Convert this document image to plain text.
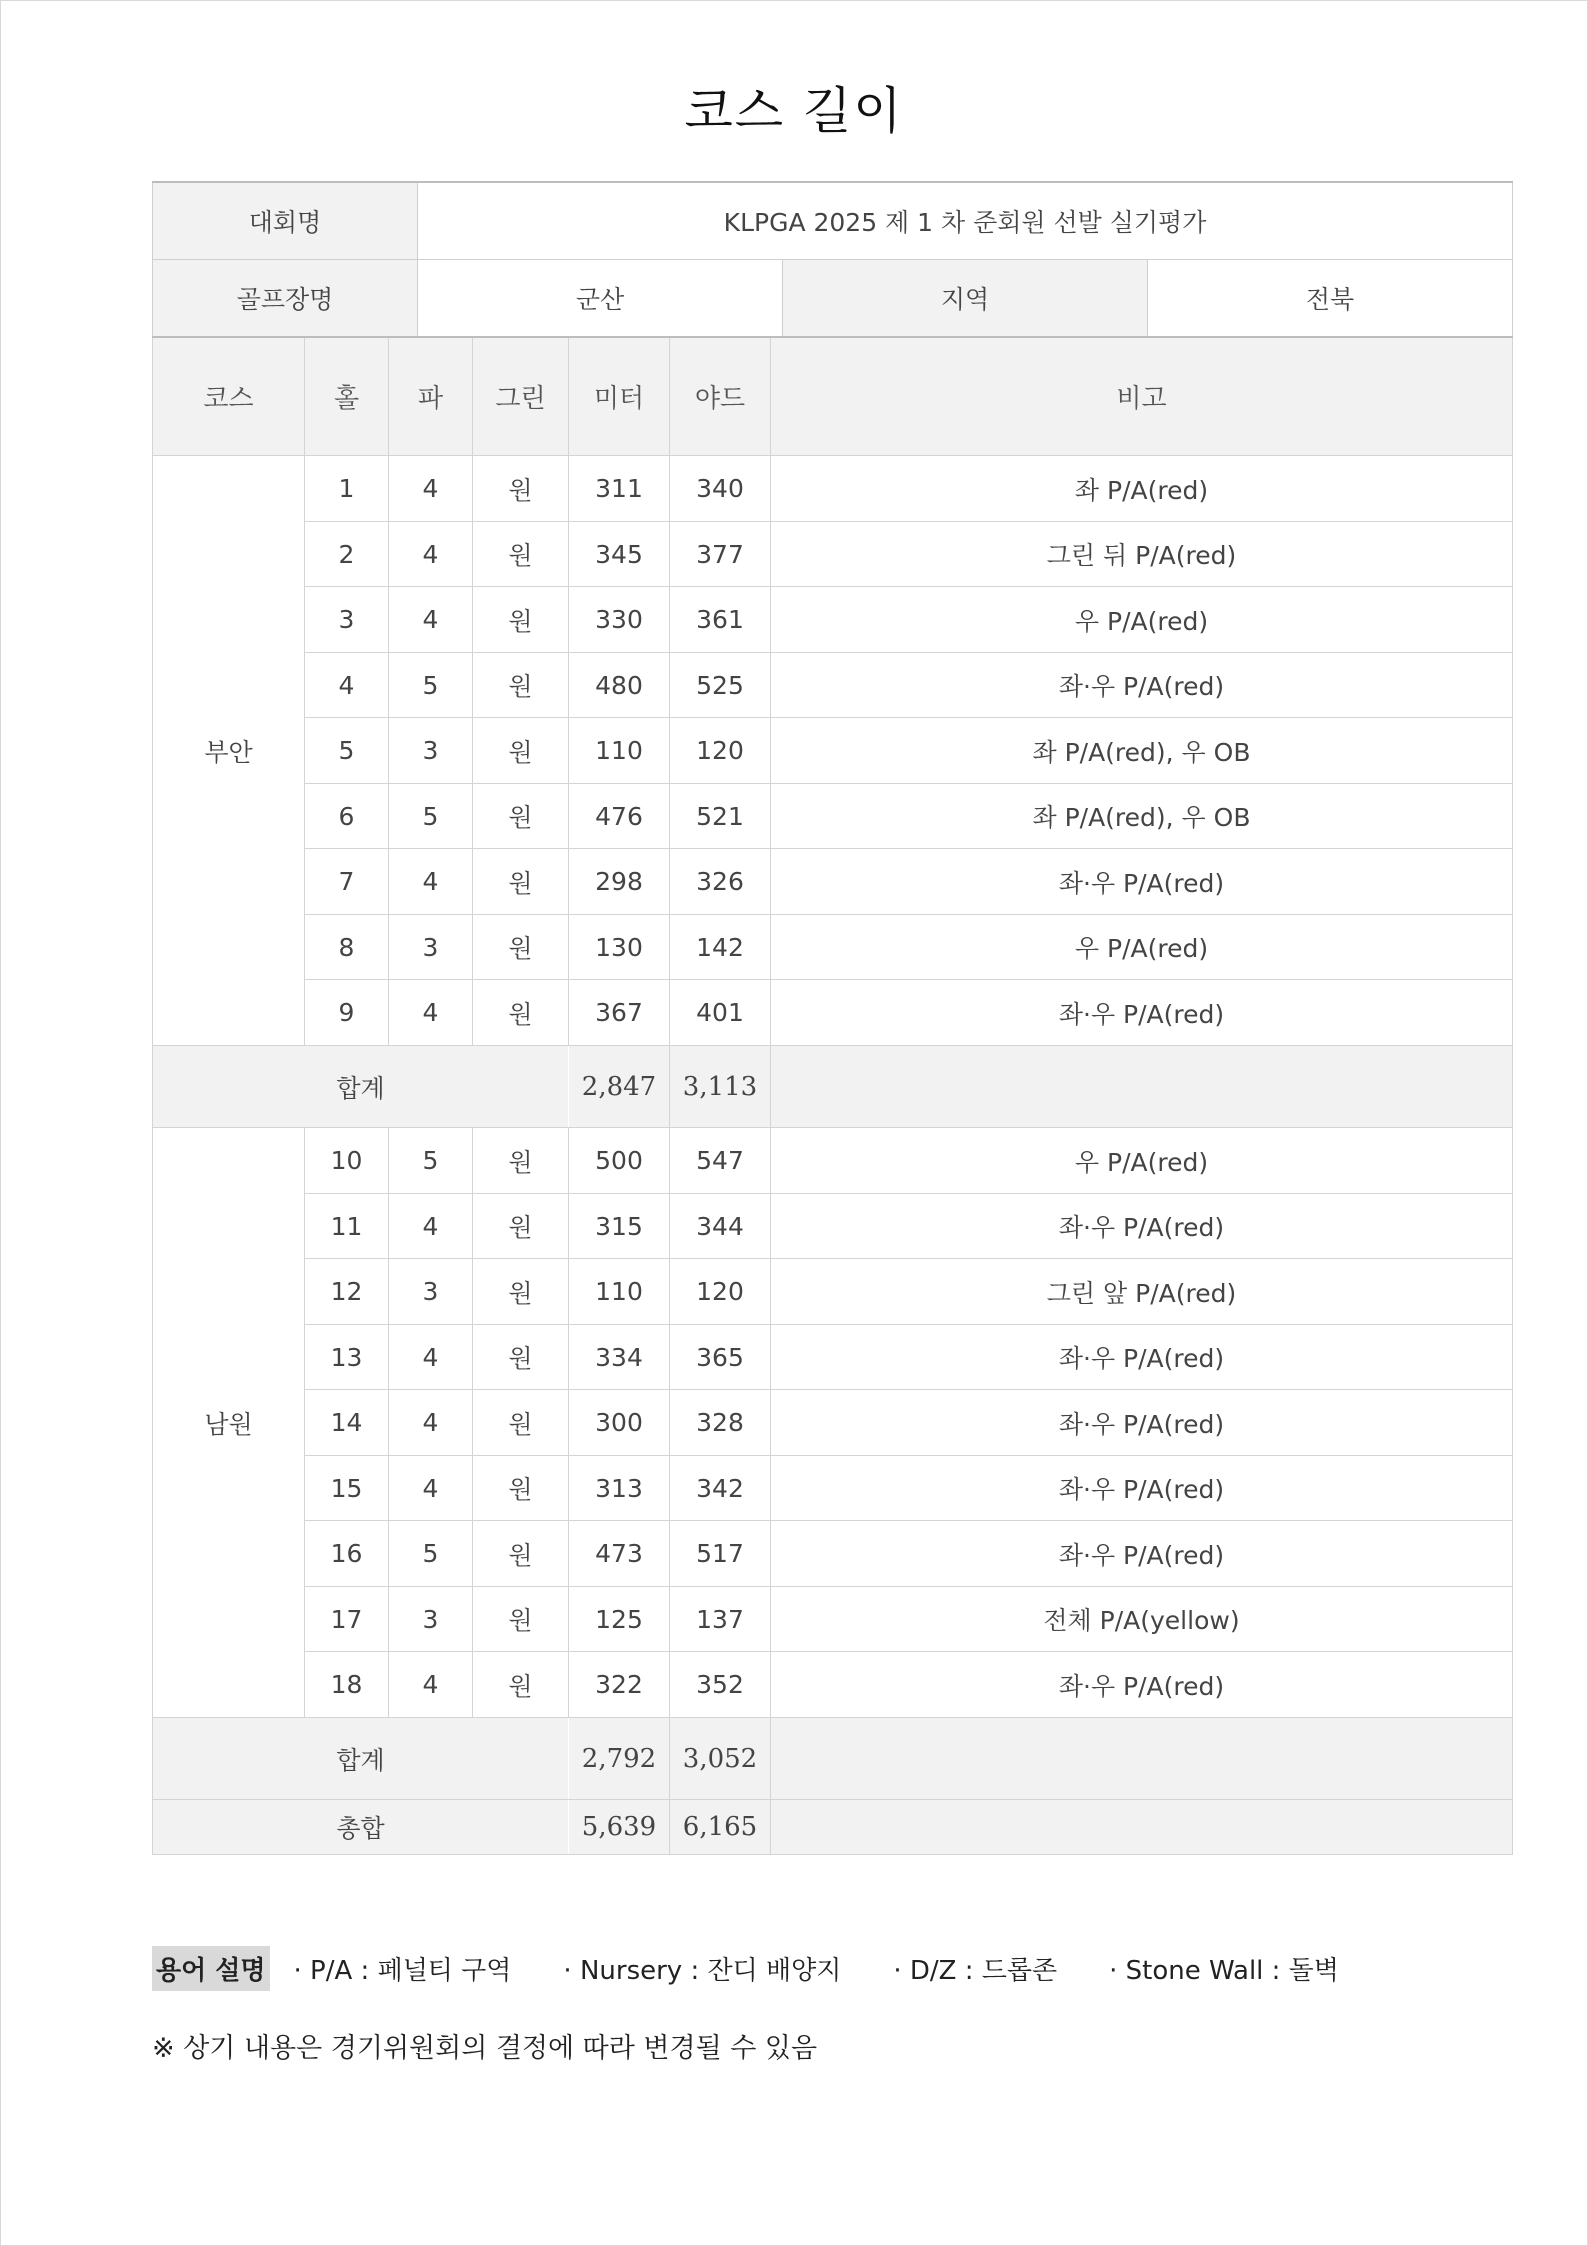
코스 길이
대회명	KLPGA 2025 제 1 차 준회원 선발 실기평가		
골프장명	군산	지역	전북
코스	홀	파	그린	미터	야드	비고
부안	1	4	원	311	340	좌 P/A(red)
	2	4	원	345	377	그린 뒤 P/A(red)
	3	4	원	330	361	우 P/A(red)
	4	5	원	480	525	좌·우 P/A(red)
	5	3	원	110	120	좌 P/A(red), 우 OB
	6	5	원	476	521	좌 P/A(red), 우 OB
	7	4	원	298	326	좌·우 P/A(red)
	8	3	원	130	142	우 P/A(red)
	9	4	원	367	401	좌·우 P/A(red)
합계				2,847	3,113	
남원	10	5	원	500	547	우 P/A(red)
	11	4	원	315	344	좌·우 P/A(red)
	12	3	원	110	120	그린 앞 P/A(red)
	13	4	원	334	365	좌·우 P/A(red)
	14	4	원	300	328	좌·우 P/A(red)
	15	4	원	313	342	좌·우 P/A(red)
	16	5	원	473	517	좌·우 P/A(red)
	17	3	원	125	137	전체 P/A(yellow)
	18	4	원	322	352	좌·우 P/A(red)
합계				2,792	3,052	
총합				5,639	6,165	
용어 설명 · P/A : 페널티 구역 · Nursery : 잔디 배양지 · D/Z : 드롭존 · Stone Wall : 돌벽
※ 상기 내용은 경기위원회의 결정에 따라 변경될 수 있음
